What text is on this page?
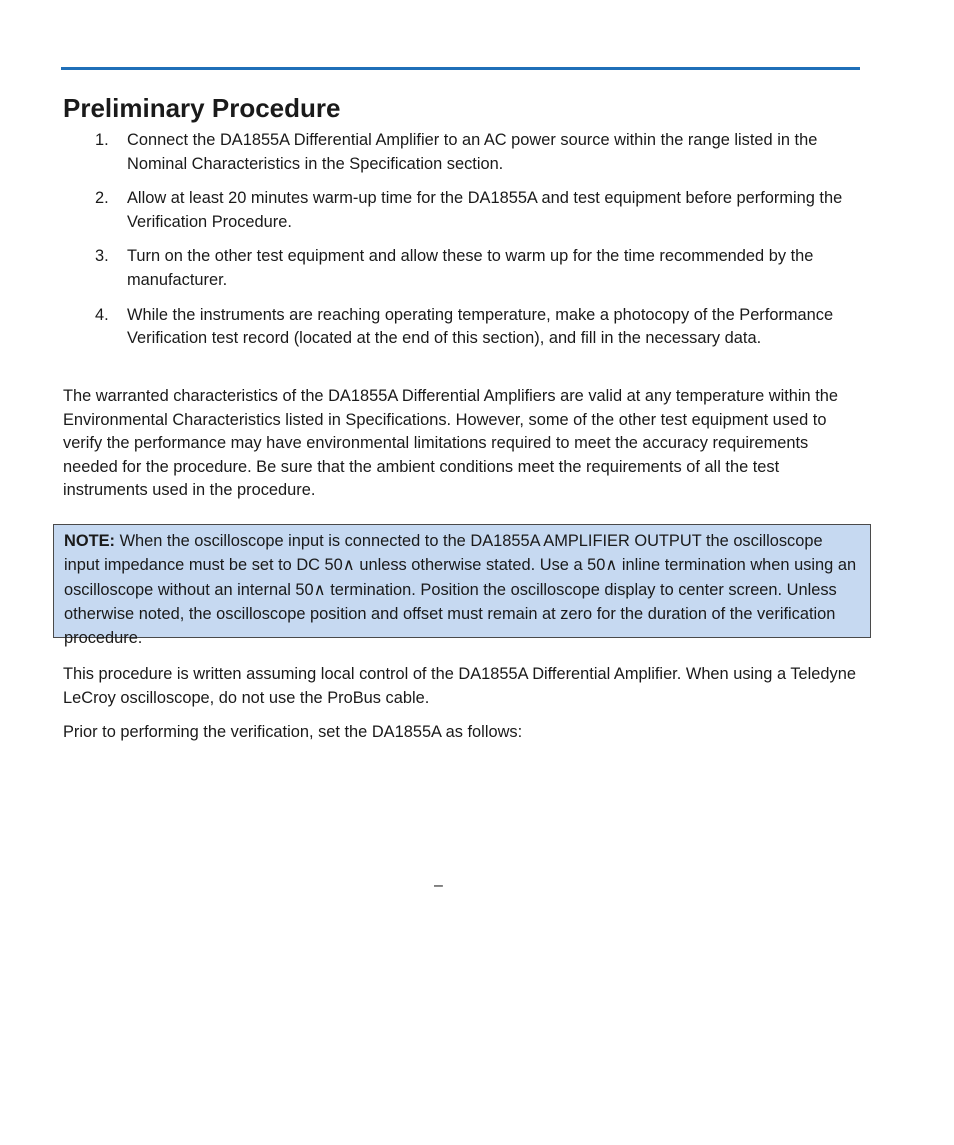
Preliminary Procedure
1. Connect the DA1855A Differential Amplifier to an AC power source within the range listed in the Nominal Characteristics in the Specification section.
2. Allow at least 20 minutes warm-up time for the DA1855A and test equipment before performing the Verification Procedure.
3. Turn on the other test equipment and allow these to warm up for the time recommended by the manufacturer.
4. While the instruments are reaching operating temperature, make a photocopy of the Performance Verification test record (located at the end of this section), and fill in the necessary data.

The warranted characteristics of the DA1855A Differential Amplifiers are valid at any temperature within the Environmental Characteristics listed in Specifications. However, some of the other test equipment used to verify the performance may have environmental limitations required to meet the accuracy requirements needed for the procedure. Be sure that the ambient conditions meet the requirements of all the test instruments used in the procedure.

NOTE: When the oscilloscope input is connected to the DA1855A AMPLIFIER OUTPUT the oscilloscope input impedance must be set to DC 50∧ unless otherwise stated. Use a 50∧ inline termination when using an oscilloscope without an internal 50∧ termination. Position the oscilloscope display to center screen. Unless otherwise noted, the oscilloscope position and offset must remain at zero for the duration of the verification procedure.

This procedure is written assuming local control of the DA1855A Differential Amplifier. When using a Teledyne LeCroy oscilloscope, do not use the ProBus cable.

Prior to performing the verification, set the DA1855A as follows:

‒
